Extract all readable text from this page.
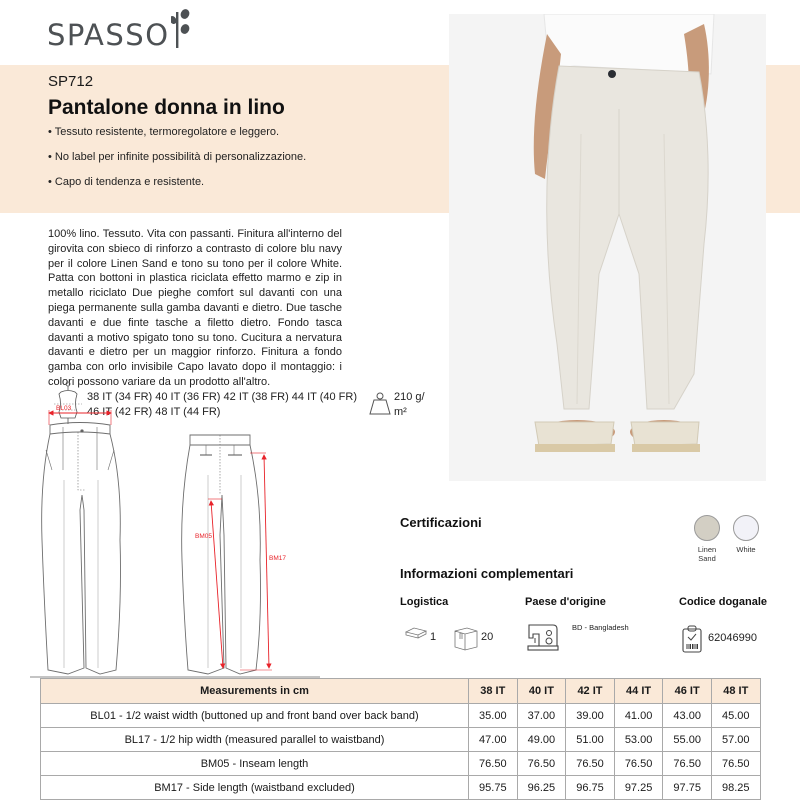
SPASSO
SP712
Pantalone donna in lino
• Tessuto resistente, termoregolatore e leggero.
• No label per infinite possibilità di personalizzazione.
• Capo di tendenza e resistente.

100% lino. Tessuto. Vita con passanti. Finitura all'interno del girovita con sbieco di rinforzo a contrasto di colore blu navy per il colore Linen Sand e tono su tono per il colore White. Patta con bottoni in plastica riciclata effetto marmo e zip in metallo riciclato Due pieghe comfort sul davanti con una piega permanente sulla gamba davanti e dietro. Due tasche davanti e due finte tasche a filetto dietro. Fondo tasca davanti a motivo spigato tono su tono. Cucitura a nervatura davanti e dietro per un maggior rinforzo. Finitura a fondo gamba con orlo invisibile Capo lavato dopo il montaggio: i colori possono variare da un prodotto all'altro.

38 IT (34 FR) 40 IT (36 FR) 42 IT (38 FR) 44 IT (40 FR)
46 IT (42 FR) 48 IT (44 FR)
210 g/
m²
BL03
BM05
BM17
Certificazioni
Linen
Sand
White
Informazioni complementari
Logistica
1	20
Paese d'origine
BD - Bangladesh
Codice doganale
62046990
Measurements in cm	38 IT	40 IT	42 IT	44 IT	46 IT	48 IT
BL01 - 1/2 waist width (buttoned up and front band over back band)	35.00	37.00	39.00	41.00	43.00	45.00
BL17 - 1/2 hip width (measured parallel to waistband)	47.00	49.00	51.00	53.00	55.00	57.00
BM05 - Inseam length	76.50	76.50	76.50	76.50	76.50	76.50
BM17 - Side length (waistband excluded)	95.75	96.25	96.75	97.25	97.75	98.25
